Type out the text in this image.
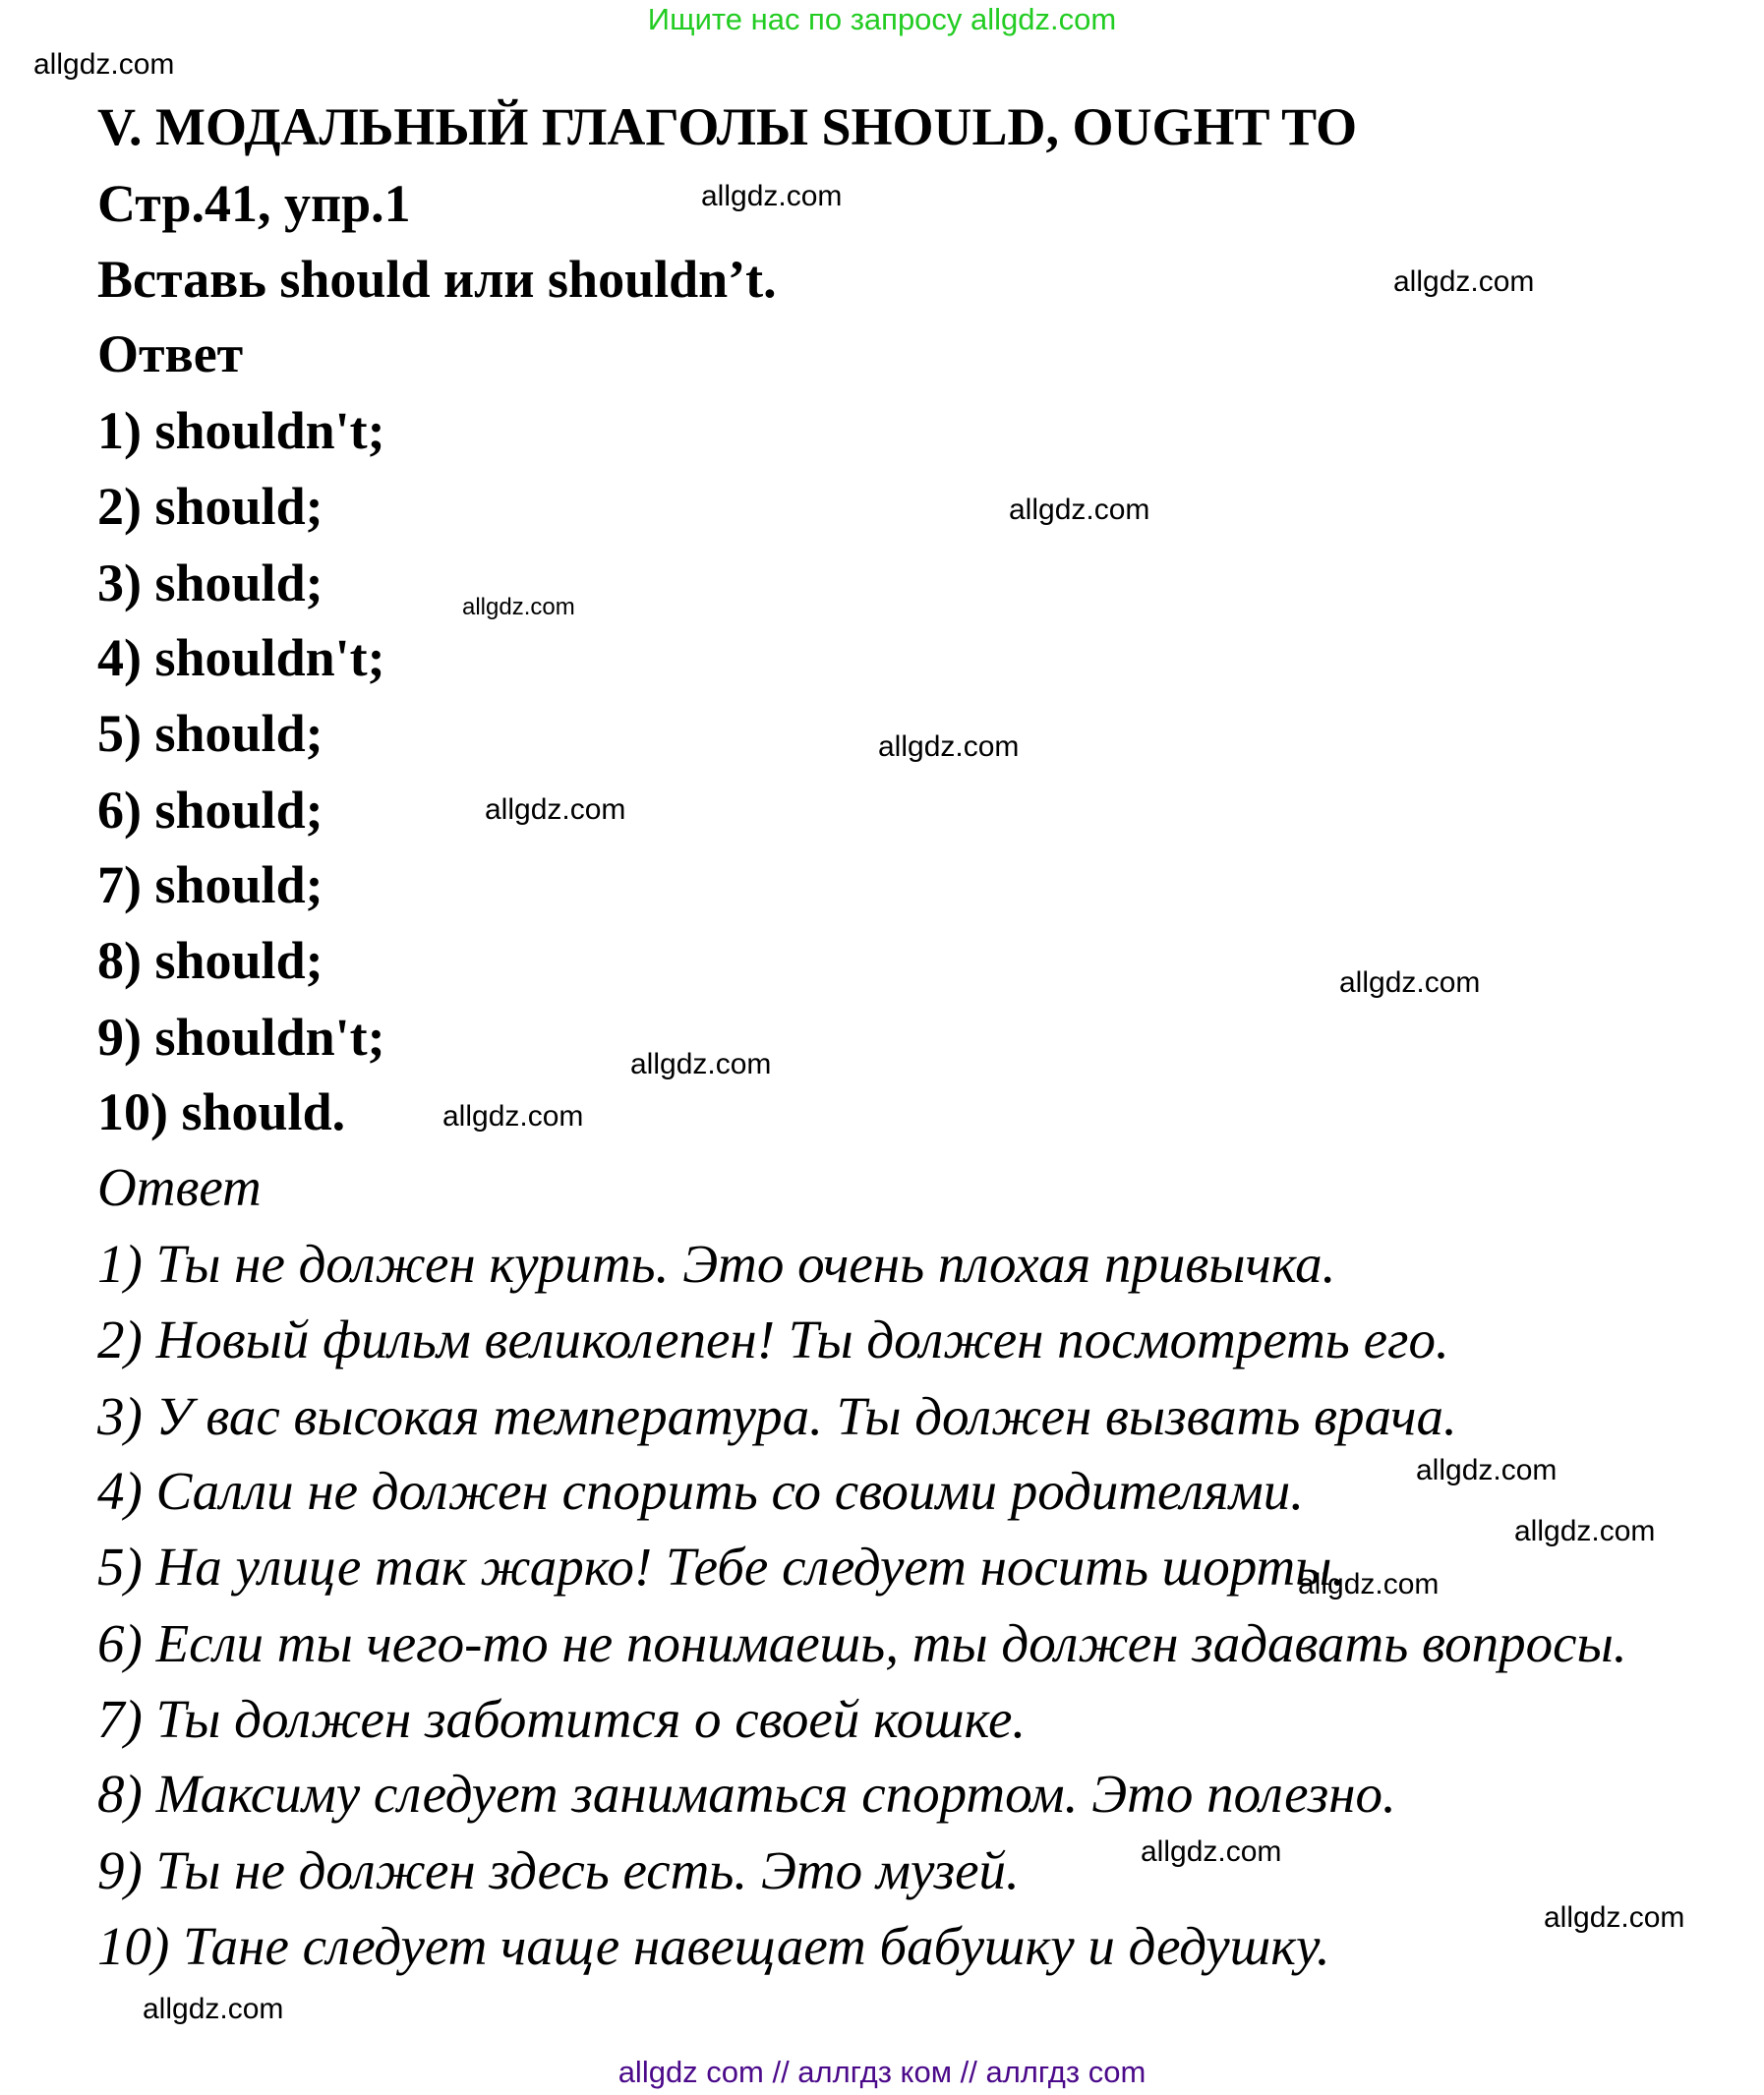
Ищите нас по запросу allgdz.com
V. МОДАЛЬНЫЙ ГЛАГОЛЫ SHOULD, OUGHT TO
Стр.41, упр.1
Вставь should или shouldn’t.
Ответ
1) shouldn't;
2) should;
3) should;
4) shouldn't;
5) should;
6) should;
7) should;
8) should;
9) shouldn't;
10) should.
Ответ
1) Ты не должен курить. Это очень плохая привычка.
2) Новый фильм великолепен! Ты должен посмотреть его.
3) У вас высокая температура. Ты должен вызвать врача.
4) Салли не должен спорить со своими родителями.
5) На улице так жарко! Тебе следует носить шорты.
6) Если ты чего-то не понимаешь, ты должен задавать вопросы.
7) Ты должен заботится о своей кошке.
8) Максиму следует заниматься спортом. Это полезно.
9) Ты не должен здесь есть. Это музей.
10) Тане следует чаще навещает бабушку и дедушку.
allgdz.com
allgdz.com
allgdz.com
allgdz.com
allgdz.com
allgdz.com
allgdz.com
allgdz.com
allgdz.com
allgdz.com
allgdz.com
allgdz.com
allgdz.com
allgdz.com
allgdz.com
allgdz.com
allgdz com // аллгдз ком // аллгдз com
